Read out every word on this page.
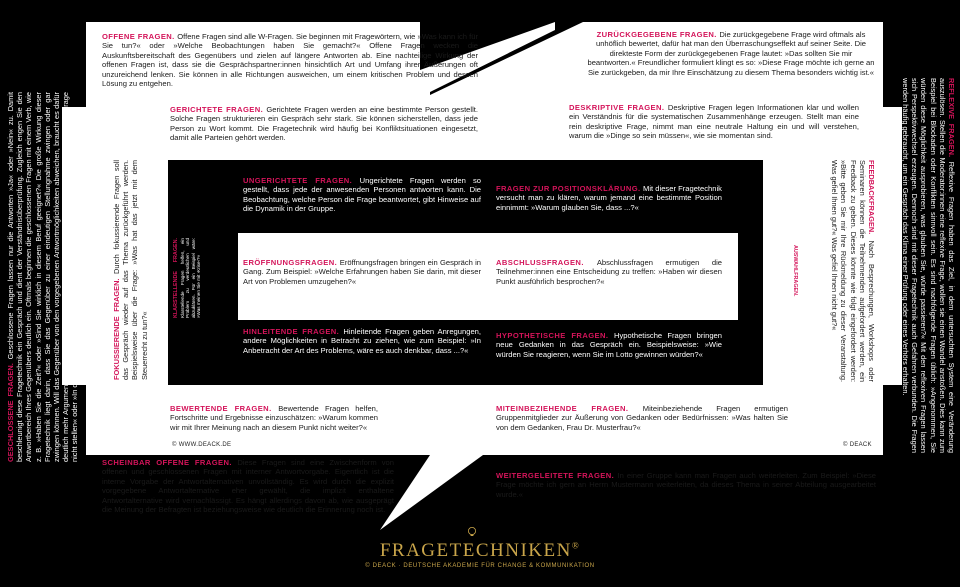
OFFENE FRAGEN. Offene Fragen sind alle W-Fragen. Sie beginnen mit Fragewörtern, wie »Was kann ich für Sie tun?« oder »Welche Beobachtungen haben Sie gemacht?« Offene Fragen wecken die Auskunftsbereitschaft des Gegenübers und zielen auf längere Antworten ab. Eine nachteilige Wirkung der offenen Fragen ist, dass sie die Gesprächspartner:innen hinsichtlich Art und Umfang ihrer Äußerungen oft unzureichend lenken. Sie können in alle Richtungen ausweichen, um einem kritischen Problem und dessen Lösung zu entgehen.
ZURÜCKGEGEBENE FRAGEN. Die zurückgegebene Frage wird oftmals als unhöflich bewertet, dafür hat man den Überraschungseffekt auf seiner Seite. Die direkteste Form der zurückgegebenen Frage lautet: »Das sollten Sie mir beantworten.« Freundlicher formuliert klingt es so: »Diese Frage möchte ich gerne an Sie zurückgeben, da mir Ihre Einschätzung zu diesem Thema besonders wichtig ist.«
GERICHTETE FRAGEN. Gerichtete Fragen werden an eine bestimmte Person gestellt. Solche Fragen strukturieren ein Gespräch sehr stark. Sie können sicherstellen, dass jede Person zu Wort kommt. Die Fragetechnik wird häufig bei Konfliktsituationen eingesetzt, damit alle Parteien gehört werden.
DESKRIPTIVE FRAGEN. Deskriptive Fragen legen Informationen klar und wollen ein Verständnis für die systematischen Zusammenhänge erzeugen. Stellt man eine rein deskriptive Frage, nimmt man eine neutrale Haltung ein und will verstehen, warum die »Dinge so sein müssen«, wie sie momentan sind.
UNGERICHTETE FRAGEN. Ungerichtete Fragen werden so gestellt, dass jede der anwesenden Personen antworten kann. Die Beobachtung, welche Person die Frage beantwortet, gibt Hinweise auf die Dynamik in der Gruppe.
FRAGEN ZUR POSITIONSKLÄRUNG. Mit dieser Fragetechnik versucht man zu klären, warum jemand eine bestimmte Position einnimmt: »Warum glauben Sie, dass ...?«
ERÖFFNUNGSFRAGEN. Eröffnungsfragen bringen ein Gespräch in Gang. Zum Beispiel: »Welche Erfahrungen haben Sie darin, mit dieser Art von Problemen umzugehen?«
ABSCHLUSSFRAGEN. Abschlussfragen ermutigen die Teilnehmer:innen eine Entscheidung zu treffen: »Haben wir diesen Punkt ausführlich besprochen?«
HINLEITENDE FRAGEN. Hinleitende Fragen geben Anregungen, andere Möglichkeiten in Betracht zu ziehen, wie zum Beispiel: »In Anbetracht der Art des Problems, wäre es auch denkbar, dass ...?«
HYPOTHETISCHE FRAGEN. Hypothetische Fragen bringen neue Gedanken in das Gespräch ein. Beispielsweise: »Wie würden Sie reagieren, wenn Sie im Lotto gewinnen würden?«
BEWERTENDE FRAGEN. Bewertende Fragen helfen, Fortschritte und Ergebnisse einzuschätzen: »Warum kommen wir mit Ihrer Meinung nach an diesem Punkt nicht weiter?«
MITEINBEZIEHENDE FRAGEN. Miteinbeziehende Fragen ermutigen Gruppenmitglieder zur Äußerung von Gedanken oder Bedürfnissen: »Was halten Sie von dem Gedanken, Frau Dr. Musterfrau?«
© WWW.DEACK.DE	© DEACK
SCHEINBAR OFFENE FRAGEN. Diese Fragen sind eine Zwischenform von offenen und geschlossenen Fragen mit interner Antwortvorgabe. Eigentlich ist die interne Vorgabe der Antwortalternativen unvollständig. Es wird durch die explizit vorgegebene Antwortalternative eher gewählt, die implizit enthaltene Antwortalternative wird vernachlässigt. Es hängt allerdings davon ab, wie ausgeprägt die Meinung der Befragten ist beziehungsweise wie deutlich die Erinnerung noch ist.
WEITERGELEITETE FRAGEN. In einer Gruppe kann man Fragen auch weiterleiten. Zum Beispiel: »Diese Frage möchte ich gern an Herrn Mustermann weiterleiten, da dieses Thema in seiner Abteilung ausgearbeitet wurde.«
GESCHLOSSENE FRAGEN. Geschlossene Fragen lassen nur die Antworten »Ja« oder »Nein« zu. Damit beschleunigt diese Fragetechnik ein Gespräch und dient der Verständnisüberprüfung. Zugleich engen Sie den Antwortbereich Ihres Gegenübers deutlich ein. Oftmals beginnen die geschlossenen Fragen mit einem Verb, wie z. B. »Haben Sie die Zeit?« oder »Sind Sie wirklich in diesem Beruf geeignet?« Die große Wirkung dieser Fragetechnik liegt darin, dass Sie das Gegenüber zu einer eindeutigen Stellungnahme zwingen oder gar zwingen können. Will das Gegenüber von den vorgegebenen Antwortmöglichkeiten abweichen, braucht es dafür deutlich mehr Argumente. Dennoch stellen Sie »Ja-/Nein«-Fragen so oft wie möglich. »So kann man die Frage nicht stellen« oder »In der Form kann ich Ihnen die Frage nicht beantworten«.	FOKUSSIERENDE FRAGEN. Durch fokussierende Fragen soll das Gespräch wieder auf das Thema zurückgeführt werden. Beispielsweise über die Frage: »Was hat das jetzt mit dem Steuerrecht zu tun?«
KLARSTELLENDE FRAGEN. Klarstellende Fragen helfen, ein Problem zu verdeutlichen und abzuklären. Für ein Beispiel wäre: »Was meinen Sie mit ›Krise‹?«	AUSWAHLFRAGEN. Auswahlfragen, auch Alternativfragen genannt, lassen zwei oder mehr Antwortmöglichkeiten zu und verlangen eine Entscheidung zwischen den Alternativen: »Möchten Sie lieber über diese oder jene Lösung sprechen?«
FEEDBACKFRAGEN. Nach Besprechungen, Workshops oder Seminaren können die Teilnehmenden aufgefordert werden, ein Feedback zu geben. Dieses könnte wie folgt eingefordert werden: »Bitte geben Sie mir Ihre Rückmeldung zu dieser Veranstaltung. Was gefiel Ihnen gut?« Was gefiel Ihnen nicht gut?«
REFLEXIVE FRAGEN. Reflexive Fragen haben das Ziel, in dem untersuchten System eine Veränderung auszulösen. Stellen die Moderator:innen eine reflexive Frage, wollen sie einen Wandel anstoßen. Dies kann zum Beispiel bei Blockaden oder Konflikten sinnvoll sein. Es sind nachfolgende Fragen üblich: »Angenommen, Sie würden diese Möglichkeit ausprobieren, was glauben Sie, würde passieren?« Mit den reflexiven Fragen lassen sich Perspektivwechsel erzeugen. Dennoch sind mit dieser Fragetechnik auch Gefahren verbunden. Die Fragen werden häufig gebraucht, um ein Gespräch das Klima einer Prüfung oder eines Verhörs erhalten.
FRAGETECHNIKEN®
© DEACK · DEUTSCHE AKADEMIE FÜR CHANGE & KOMMUNIKATION
